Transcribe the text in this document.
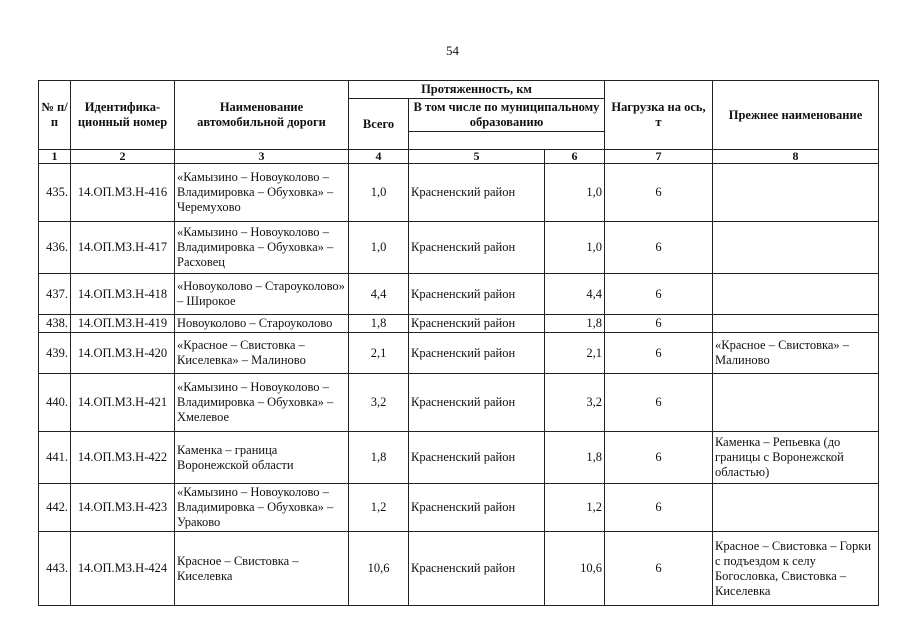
54
№ п/п	Идентифика-ционный номер	Наименование автомобильной дороги	Протяженность, км			Нагрузка на ось, т	Прежнее наименование
			Всего	В том числе по муниципальному образованию			

1	2	3	4	5	6	7	8
435.	14.ОП.МЗ.Н-416	«Камызино – Новоуколово – Владимировка – Обуховка» – Черемухово	1,0	Красненский район	1,0	6	
436.	14.ОП.МЗ.Н-417	«Камызино – Новоуколово – Владимировка – Обуховка» – Расховец	1,0	Красненский район	1,0	6	
437.	14.ОП.МЗ.Н-418	«Новоуколово – Староуколово» – Широкое	4,4	Красненский район	4,4	6	
438.	14.ОП.МЗ.Н-419	Новоуколово – Староуколово	1,8	Красненский район	1,8	6	
439.	14.ОП.МЗ.Н-420	«Красное – Свистовка – Киселевка» – Малиново	2,1	Красненский район	2,1	6	«Красное – Свистовка» – Малиново
440.	14.ОП.МЗ.Н-421	«Камызино – Новоуколово – Владимировка – Обуховка» – Хмелевое	3,2	Красненский район	3,2	6	
441.	14.ОП.МЗ.Н-422	Каменка – граница Воронежской области	1,8	Красненский район	1,8	6	Каменка – Репьевка (до границы с Воронежской областью)
442.	14.ОП.МЗ.Н-423	«Камызино – Новоуколово – Владимировка – Обуховка» – Ураково	1,2	Красненский район	1,2	6	
443.	14.ОП.МЗ.Н-424	Красное – Свистовка – Киселевка	10,6	Красненский район	10,6	6	Красное – Свистовка – Горки с подъездом к селу Богословка, Свистовка – Киселевка
